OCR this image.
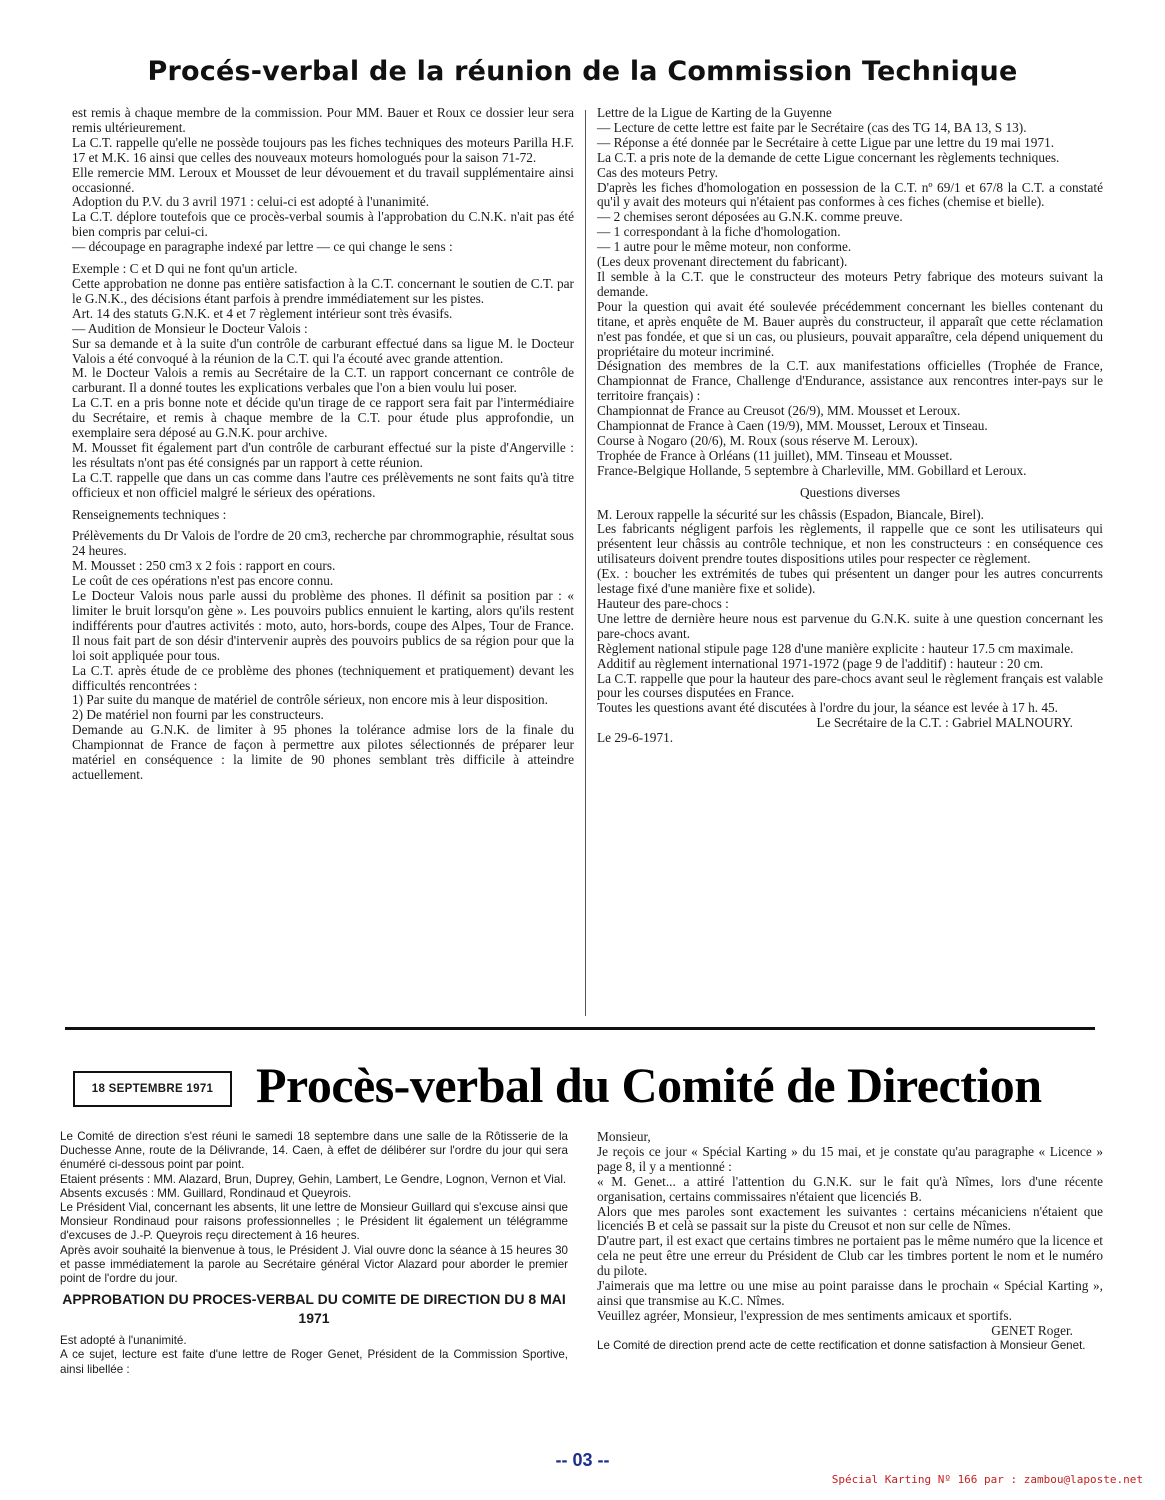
Procés-verbal de la réunion de la Commission Technique

est remis à chaque membre de la commission. Pour MM. Bauer et Roux ce dossier leur sera remis ultérieurement.

La C.T. rappelle qu'elle ne possède toujours pas les fiches techniques des moteurs Parilla H.F. 17 et M.K. 16 ainsi que celles des nouveaux moteurs homologués pour la saison 71-72.

Elle remercie MM. Leroux et Mousset de leur dévouement et du travail supplémentaire ainsi occasionné.

Adoption du P.V. du 3 avril 1971 : celui-ci est adopté à l'unanimité.

La C.T. déplore toutefois que ce procès-verbal soumis à l'approbation du C.N.K. n'ait pas été bien compris par celui-ci.

— découpage en paragraphe indexé par lettre — ce qui change le sens :

Exemple : C et D qui ne font qu'un article.

Cette approbation ne donne pas entière satisfaction à la C.T. concernant le soutien de C.T. par le G.N.K., des décisions étant parfois à prendre immédiatement sur les pistes.

Art. 14 des statuts G.N.K. et 4 et 7 règlement intérieur sont très évasifs.

— Audition de Monsieur le Docteur Valois :

Sur sa demande et à la suite d'un contrôle de carburant effectué dans sa ligue M. le Docteur Valois a été convoqué à la réunion de la C.T. qui l'a écouté avec grande attention.

M. le Docteur Valois a remis au Secrétaire de la C.T. un rapport concernant ce contrôle de carburant. Il a donné toutes les explications verbales que l'on a bien voulu lui poser.

La C.T. en a pris bonne note et décide qu'un tirage de ce rapport sera fait par l'intermédiaire du Secrétaire, et remis à chaque membre de la C.T. pour étude plus approfondie, un exemplaire sera déposé au G.N.K. pour archive.

M. Mousset fit également part d'un contrôle de carburant effectué sur la piste d'Angerville : les résultats n'ont pas été consignés par un rapport à cette réunion.

La C.T. rappelle que dans un cas comme dans l'autre ces prélèvements ne sont faits qu'à titre officieux et non officiel malgré le sérieux des opérations.

Renseignements techniques :

Prélèvements du Dr Valois de l'ordre de 20 cm3, recherche par chrommographie, résultat sous 24 heures.

M. Mousset : 250 cm3 x 2 fois : rapport en cours.

Le coût de ces opérations n'est pas encore connu.

Le Docteur Valois nous parle aussi du problème des phones. Il définit sa position par : « limiter le bruit lorsqu'on gène ». Les pouvoirs publics ennuient le karting, alors qu'ils restent indifférents pour d'autres activités : moto, auto, hors-bords, coupe des Alpes, Tour de France. Il nous fait part de son désir d'intervenir auprès des pouvoirs publics de sa région pour que la loi soit appliquée pour tous.

La C.T. après étude de ce problème des phones (techniquement et pratiquement) devant les difficultés rencontrées :

1) Par suite du manque de matériel de contrôle sérieux, non encore mis à leur disposition.

2) De matériel non fourni par les constructeurs.

Demande au G.N.K. de limiter à 95 phones la tolérance admise lors de la finale du Championnat de France de façon à permettre aux pilotes sélectionnés de préparer leur matériel en conséquence : la limite de 90 phones semblant très difficile à atteindre actuellement.

Lettre de la Ligue de Karting de la Guyenne

— Lecture de cette lettre est faite par le Secrétaire (cas des TG 14, BA 13, S 13).

— Réponse a été donnée par le Secrétaire à cette Ligue par une lettre du 19 mai 1971.

La C.T. a pris note de la demande de cette Ligue concernant les règlements techniques.

Cas des moteurs Petry.

D'après les fiches d'homologation en possession de la C.T. nº 69/1 et 67/8 la C.T. a constaté qu'il y avait des moteurs qui n'étaient pas conformes à ces fiches (chemise et bielle).

— 2 chemises seront déposées au G.N.K. comme preuve.

— 1 correspondant à la fiche d'homologation.

— 1 autre pour le même moteur, non conforme.

(Les deux provenant directement du fabricant).

Il semble à la C.T. que le constructeur des moteurs Petry fabrique des moteurs suivant la demande.

Pour la question qui avait été soulevée précédemment concernant les bielles contenant du titane, et après enquête de M. Bauer auprès du constructeur, il apparaît que cette réclamation n'est pas fondée, et que si un cas, ou plusieurs, pouvait apparaître, cela dépend uniquement du propriétaire du moteur incriminé.

Désignation des membres de la C.T. aux manifestations officielles (Trophée de France, Championnat de France, Challenge d'Endurance, assistance aux rencontres inter-pays sur le territoire français) :

Championnat de France au Creusot (26/9), MM. Mousset et Leroux.

Championnat de France à Caen (19/9), MM. Mousset, Leroux et Tinseau.

Course à Nogaro (20/6), M. Roux (sous réserve M. Leroux).

Trophée de France à Orléans (11 juillet), MM. Tinseau et Mousset.

France-Belgique Hollande, 5 septembre à Charleville, MM. Gobillard et Leroux.

Questions diverses

M. Leroux rappelle la sécurité sur les châssis (Espadon, Biancale, Birel).

Les fabricants négligent parfois les règlements, il rappelle que ce sont les utilisateurs qui présentent leur châssis au contrôle technique, et non les constructeurs : en conséquence ces utilisateurs doivent prendre toutes dispositions utiles pour respecter ce règlement.

(Ex. : boucher les extrémités de tubes qui présentent un danger pour les autres concurrents lestage fixé d'une manière fixe et solide).

Hauteur des pare-chocs :

Une lettre de dernière heure nous est parvenue du G.N.K. suite à une question concernant les pare-chocs avant.

Règlement national stipule page 128 d'une manière explicite : hauteur 17.5 cm maximale.

Additif au règlement international 1971-1972 (page 9 de l'additif) : hauteur : 20 cm.

La C.T. rappelle que pour la hauteur des pare-chocs avant seul le règlement français est valable pour les courses disputées en France.

Toutes les questions avant été discutées à l'ordre du jour, la séance est levée à 17 h. 45.

Le Secrétaire de la C.T. : Gabriel MALNOURY.

Le 29-6-1971.

18 SEPTEMBRE 1971 Procès-verbal du Comité de Direction

Le Comité de direction s'est réuni le samedi 18 septembre dans une salle de la Rôtisserie de la Duchesse Anne, route de la Délivrande, 14. Caen, à effet de délibérer sur l'ordre du jour qui sera énuméré ci-dessous point par point.

Etaient présents : MM. Alazard, Brun, Duprey, Gehin, Lambert, Le Gendre, Lognon, Vernon et Vial.

Absents excusés : MM. Guillard, Rondinaud et Queyrois.

Le Président Vial, concernant les absents, lit une lettre de Monsieur Guillard qui s'excuse ainsi que Monsieur Rondinaud pour raisons professionnelles ; le Président lit également un télégramme d'excuses de J.-P. Queyrois reçu directement à 16 heures.

Après avoir souhaité la bienvenue à tous, le Président J. Vial ouvre donc la séance à 15 heures 30 et passe immédiatement la parole au Secrétaire général Victor Alazard pour aborder le premier point de l'ordre du jour.

APPROBATION DU PROCES-VERBAL DU COMITE DE DIRECTION DU 8 MAI 1971

Est adopté à l'unanimité.

A ce sujet, lecture est faite d'une lettre de Roger Genet, Président de la Commission Sportive, ainsi libellée :

Monsieur,

Je reçois ce jour « Spécial Karting » du 15 mai, et je constate qu'au paragraphe « Licence » page 8, il y a mentionné :

« M. Genet... a attiré l'attention du G.N.K. sur le fait qu'à Nîmes, lors d'une récente organisation, certains commissaires n'étaient que licenciés B.

Alors que mes paroles sont exactement les suivantes : certains mécaniciens n'étaient que licenciés B et celà se passait sur la piste du Creusot et non sur celle de Nîmes.

D'autre part, il est exact que certains timbres ne portaient pas le même numéro que la licence et cela ne peut être une erreur du Président de Club car les timbres portent le nom et le numéro du pilote.

J'aimerais que ma lettre ou une mise au point paraisse dans le prochain « Spécial Karting », ainsi que transmise au K.C. Nîmes.

Veuillez agréer, Monsieur, l'expression de mes sentiments amicaux et sportifs.

GENET Roger.

Le Comité de direction prend acte de cette rectification et donne satisfaction à Monsieur Genet.

-- 03 --
Spécial Karting Nº 166 par : zambou@laposte.net
